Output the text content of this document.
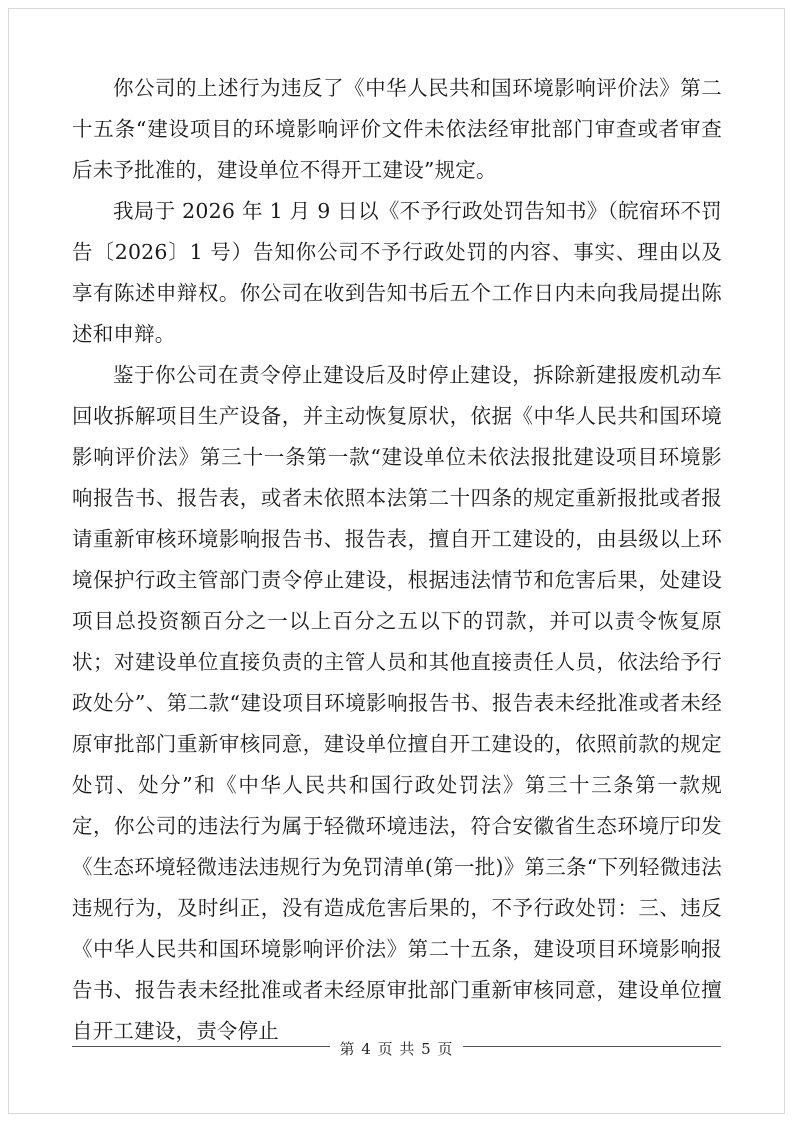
你公司的上述行为违反了《中华人民共和国环境影响评价法》第二十五条“建设项目的环境影响评价文件未依法经审批部门审查或者审查后未予批准的，建设单位不得开工建设”规定。

我局于 2026 年 1 月 9 日以《不予行政处罚告知书》（皖宿环不罚告〔2026〕1 号）告知你公司不予行政处罚的内容、事实、理由以及享有陈述申辩权。你公司在收到告知书后五个工作日内未向我局提出陈述和申辩。

鉴于你公司在责令停止建设后及时停止建设，拆除新建报废机动车回收拆解项目生产设备，并主动恢复原状，依据《中华人民共和国环境影响评价法》第三十一条第一款“建设单位未依法报批建设项目环境影响报告书、报告表，或者未依照本法第二十四条的规定重新报批或者报请重新审核环境影响报告书、报告表，擅自开工建设的，由县级以上环境保护行政主管部门责令停止建设，根据违法情节和危害后果，处建设项目总投资额百分之一以上百分之五以下的罚款，并可以责令恢复原状；对建设单位直接负责的主管人员和其他直接责任人员，依法给予行政处分”、第二款“建设项目环境影响报告书、报告表未经批准或者未经原审批部门重新审核同意，建设单位擅自开工建设的，依照前款的规定处罚、处分”和《中华人民共和国行政处罚法》第三十三条第一款规定，你公司的违法行为属于轻微环境违法，符合安徽省生态环境厅印发《生态环境轻微违法违规行为免罚清单(第一批)》第三条“下列轻微违法违规行为，及时纠正，没有造成危害后果的，不予行政处罚：三、违反《中华人民共和国环境影响评价法》第二十五条，建设项目环境影响报告书、报告表未经批准或者未经原审批部门重新审核同意，建设单位擅自开工建设，责令停止

第 4 页 共 5 页
